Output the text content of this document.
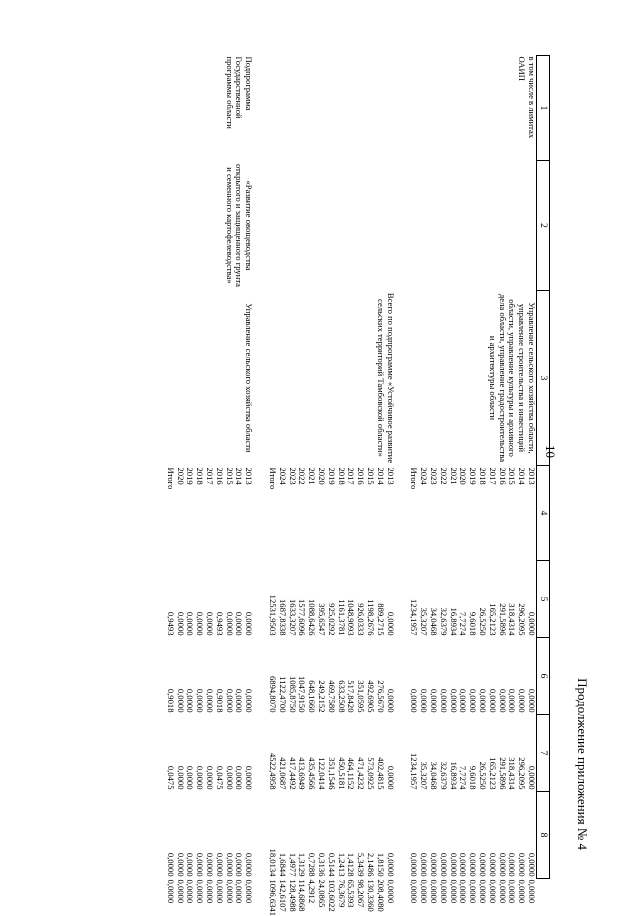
10
Продолжение приложения № 4
1	2	3	4	5	6	7	8	
в том числе в лимитах ОАИП		Управление сельского хозяйства области, управление строительства и инвестиций области, управление культуры и архивного дела области, управление градостроительства и архитектуры области	2013	0,0000	0,0000	0,0000	0,0000	0,0000
			2014	296,2095	0,0000	296,2095	0,0000	0,0000
			2015	318,4314	0,0000	318,4314	0,0000	0,0000
			2016	291,5896	0,0000	291,5896	0,0000	0,0000
			2017	165,2123	0,0000	165,2123	0,0000	0,0000
			2018	26,5250	0,0000	26,5250	0,0000	0,0000
			2019	9,6018	0,0000	9,6018	0,0000	0,0000
			2020	7,7274	0,0000	7,7274	0,0000	0,0000
			2021	16,8934	0,0000	16,8934	0,0000	0,0000
			2022	32,6379	0,0000	32,6379	0,0000	0,0000
			2023	34,0468	0,0000	34,0468	0,0000	0,0000
			2024	35,3207	0,0000	35,3207	0,0000	0,0000
			Итого	1234,1957	0,0000	1234,1957	0,0000	0,0000

		Всего по подпрограмме «Устойчивое развитие сельских территорий Тамбовской области»	2013	0,0000	0,0000	0,0000	0,0000	0,0000
			2014	889,2715	276,5670	402,4815	1,8150	208,4080
			2015	1198,2676	492,6905	573,0925	2,1486	130,3360
			2016	926,0333	351,0595	471,4232	5,3439	98,2067
			2017	1048,9093	517,8420	464,1152	1,4128	65,5393
			2018	1161,3781	633,2508	450,5181	1,2413	76,3679
			2019	925,0292	469,7580	351,1546	0,5144	103,6022
			2020	395,6547	249,2152	122,0414	0,3136	24,0865
			2021	1088,6426	648,1660	435,4566	0,7288	4,2912
			2022	1577,6096	1047,9150	413,6949	1,3129	114,6868
			2023	1633,3207	1085,8750	417,4492	1,4977	128,4988
			2024	1687,8338	1122,4700	421,0687	1,6844	142,6107
			Итого	12531,9503	6894,8070	4522,4958	18,0134	1096,6341

Подпрограмма Государственной программы области	«Развитие овощеводства открытого и защищенного грунта и семенного картофелеводства»	Управление сельского хозяйства области	2013	0,0000	0,0000	0,0000	0,0000	0,0000
			2014	0,0000	0,0000	0,0000	0,0000	0,0000
			2015	0,0000	0,0000	0,0000	0,0000	0,0000
			2016	0,9493	0,9018	0,0475	0,0000	0,0000
			2017	0,0000	0,0000	0,0000	0,0000	0,0000
			2018	0,0000	0,0000	0,0000	0,0000	0,0000
			2019	0,0000	0,0000	0,0000	0,0000	0,0000
			2020	0,0000	0,0000	0,0000	0,0000	0,0000
			Итого	0,9493	0,9018	0,0475	0,0000	0,0000
